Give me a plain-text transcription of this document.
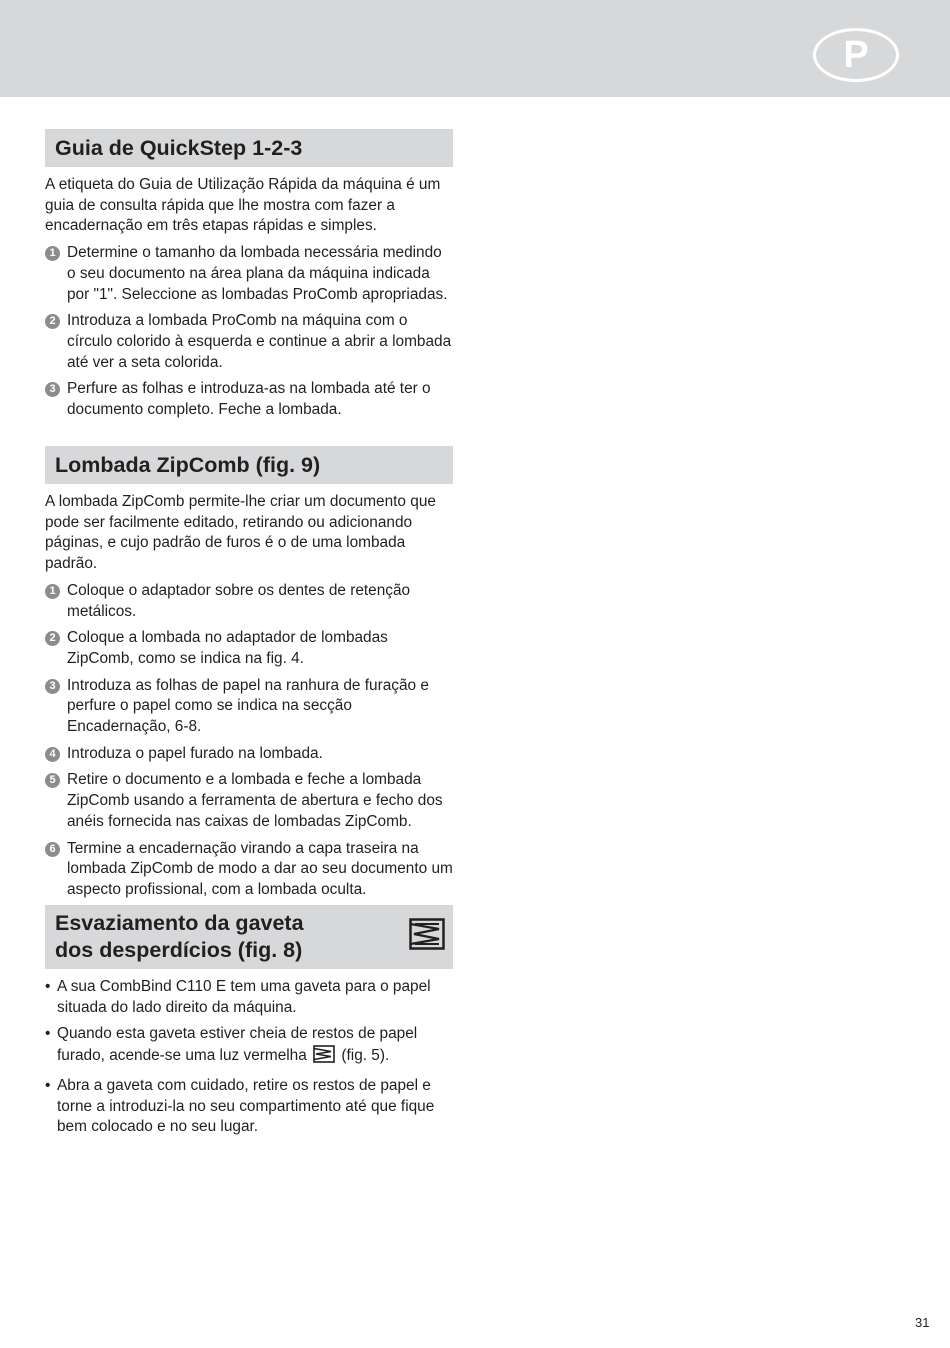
P
Guia de QuickStep 1-2-3

A etiqueta do Guia de Utilização Rápida da máquina é um guia de consulta rápida que lhe mostra com fazer a encadernação em três etapas rápidas e simples.

1 Determine o tamanho da lombada necessária medindo o seu documento na área plana da máquina indicada por "1". Seleccione as lombadas ProComb apropriadas.

2 Introduza a lombada ProComb na máquina com o círculo colorido à esquerda e continue a abrir a lombada até ver a seta colorida.

3 Perfure as folhas e introduza-as na lombada até ter o documento completo. Feche a lombada.

Lombada ZipComb (fig. 9)

A lombada ZipComb permite-lhe criar um documento que pode ser facilmente editado, retirando ou adicionando páginas, e cujo padrão de furos é o de uma lombada padrão.

1 Coloque o adaptador sobre os dentes de retenção metálicos.

2 Coloque a lombada no adaptador de lombadas ZipComb, como se indica na fig. 4.

3 Introduza as folhas de papel na ranhura de furação e perfure o papel como se indica na secção Encadernação, 6-8.

4 Introduza o papel furado na lombada.

5 Retire o documento e a lombada e feche a lombada ZipComb usando a ferramenta de abertura e fecho dos anéis fornecida nas caixas de lombadas ZipComb.

6 Termine a encadernação virando a capa traseira na lombada ZipComb de modo a dar ao seu documento um aspecto profissional, com a lombada oculta.

Esvaziamento da gaveta
dos desperdícios (fig. 8)
• A sua CombBind C110 E tem uma gaveta para o papel situada do lado direito da máquina.

• Quando esta gaveta estiver cheia de restos de papel furado, acende-se uma luz vermelha (fig. 5).

• Abra a gaveta com cuidado, retire os restos de papel e torne a introduzi-la no seu compartimento até que fique bem colocado e no seu lugar.

31
